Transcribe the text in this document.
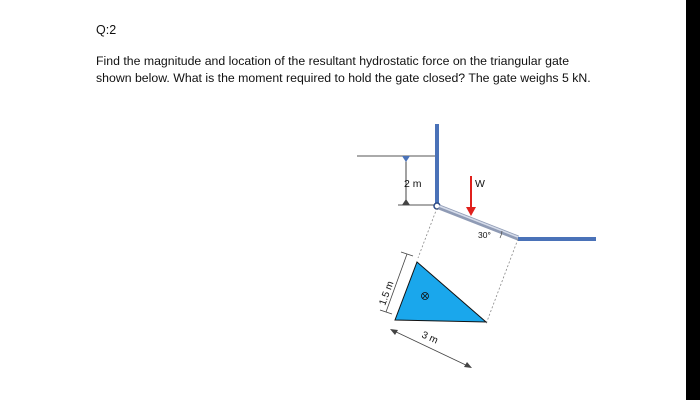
Q:2

Find the magnitude and location of the resultant hydrostatic force on the triangular gate
shown below. What is the moment required to hold the gate closed? The gate weighs 5 kN.

2 m
30°
W
1.5 m
3 m
